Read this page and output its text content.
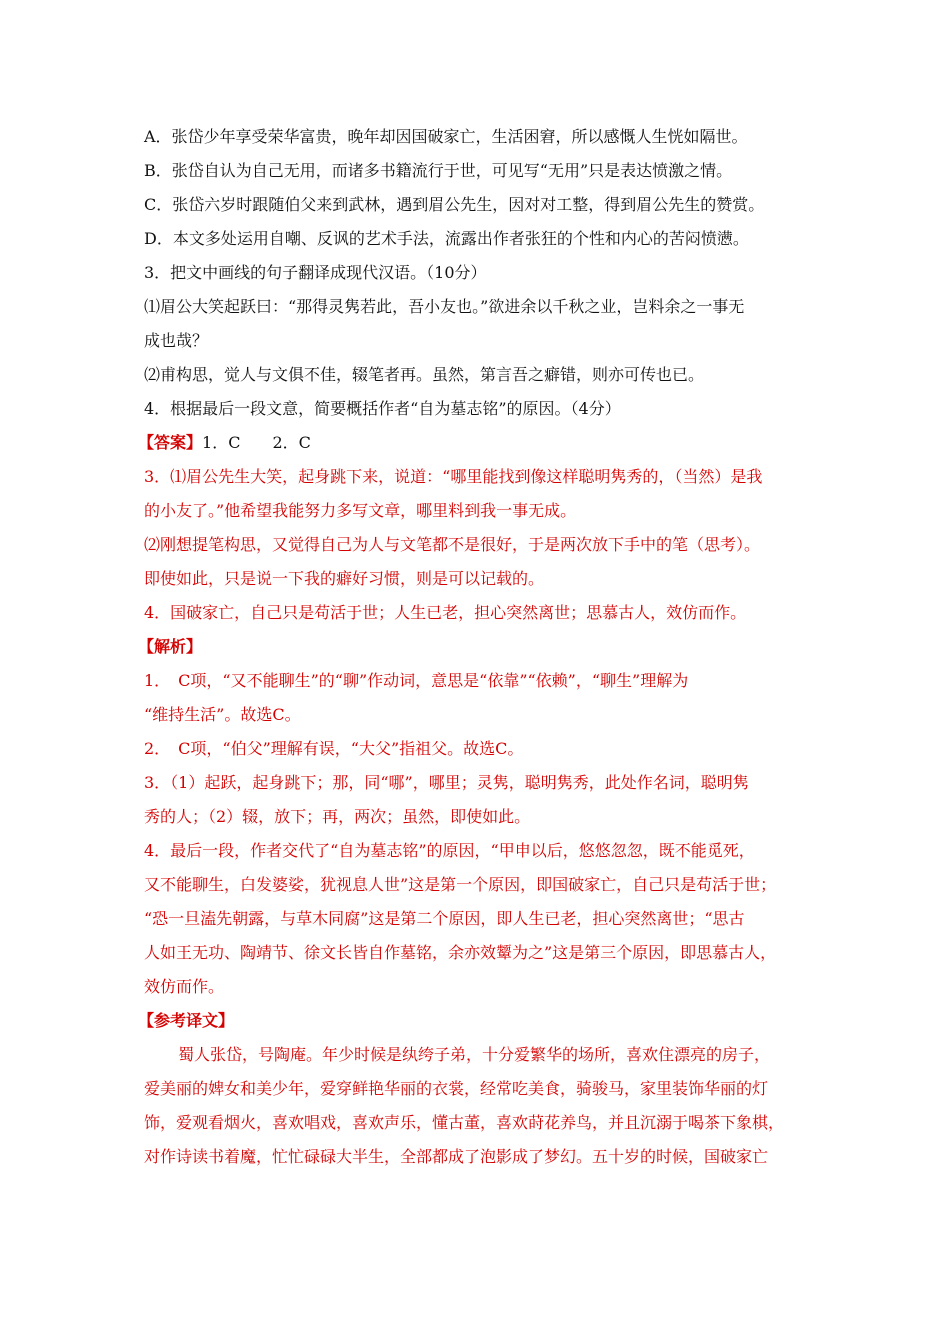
A．张岱少年享受荣华富贵，晚年却因国破家亡，生活困窘，所以感慨人生恍如隔世。

B．张岱自认为自己无用，而诸多书籍流行于世，可见写“无用”只是表达愤激之情。

C．张岱六岁时跟随伯父来到武林，遇到眉公先生，因对对工整，得到眉公先生的赞赏。

D．本文多处运用自嘲、反讽的艺术手法，流露出作者张狂的个性和内心的苦闷愤懑。

3．把文中画线的句子翻译成现代汉语。（10分）

⑴眉公大笑起跃曰：“那得灵隽若此，吾小友也。”欲进余以千秋之业，岂料余之一事无

成也哉？

⑵甫构思，觉人与文俱不佳，辍笔者再。虽然，第言吾之癖错，则亦可传也已。

4．根据最后一段文意，简要概括作者“自为墓志铭”的原因。（4分）

【答案】1．C　　2．C

3．⑴眉公先生大笑，起身跳下来，说道：“哪里能找到像这样聪明隽秀的，（当然）是我

的小友了。”他希望我能努力多写文章，哪里料到我一事无成。

⑵刚想提笔构思，又觉得自己为人与文笔都不是很好，于是两次放下手中的笔（思考）。

即使如此，只是说一下我的癖好习惯，则是可以记载的。

4．国破家亡，自己只是苟活于世；人生已老，担心突然离世；思慕古人，效仿而作。

【解析】

1．　C项，“又不能聊生”的“聊”作动词，意思是“依靠”“依赖”，“聊生”理解为

“维持生活”。故选C。

2．　C项，“伯父”理解有误，“大父”指祖父。故选C。

3．（1）起跃，起身跳下；那，同“哪”，哪里；灵隽，聪明隽秀，此处作名词，聪明隽

秀的人；（2）辍，放下；再，两次；虽然，即使如此。

4．最后一段，作者交代了“自为墓志铭”的原因，“甲申以后，悠悠忽忽，既不能觅死，

又不能聊生，白发婆娑，犹视息人世”这是第一个原因，即国破家亡，自己只是苟活于世；

“恐一旦溘先朝露，与草木同腐”这是第二个原因，即人生已老，担心突然离世；“思古

人如王无功、陶靖节、徐文长皆自作墓铭，余亦效颦为之”这是第三个原因，即思慕古人，

效仿而作。

【参考译文】

蜀人张岱，号陶庵。年少时候是纨绔子弟，十分爱繁华的场所，喜欢住漂亮的房子，

爱美丽的婢女和美少年，爱穿鲜艳华丽的衣裳，经常吃美食，骑骏马，家里装饰华丽的灯

饰，爱观看烟火，喜欢唱戏，喜欢声乐，懂古董，喜欢莳花养鸟，并且沉溺于喝茶下象棋，

对作诗读书着魔，忙忙碌碌大半生，全部都成了泡影成了梦幻。五十岁的时候，国破家亡
